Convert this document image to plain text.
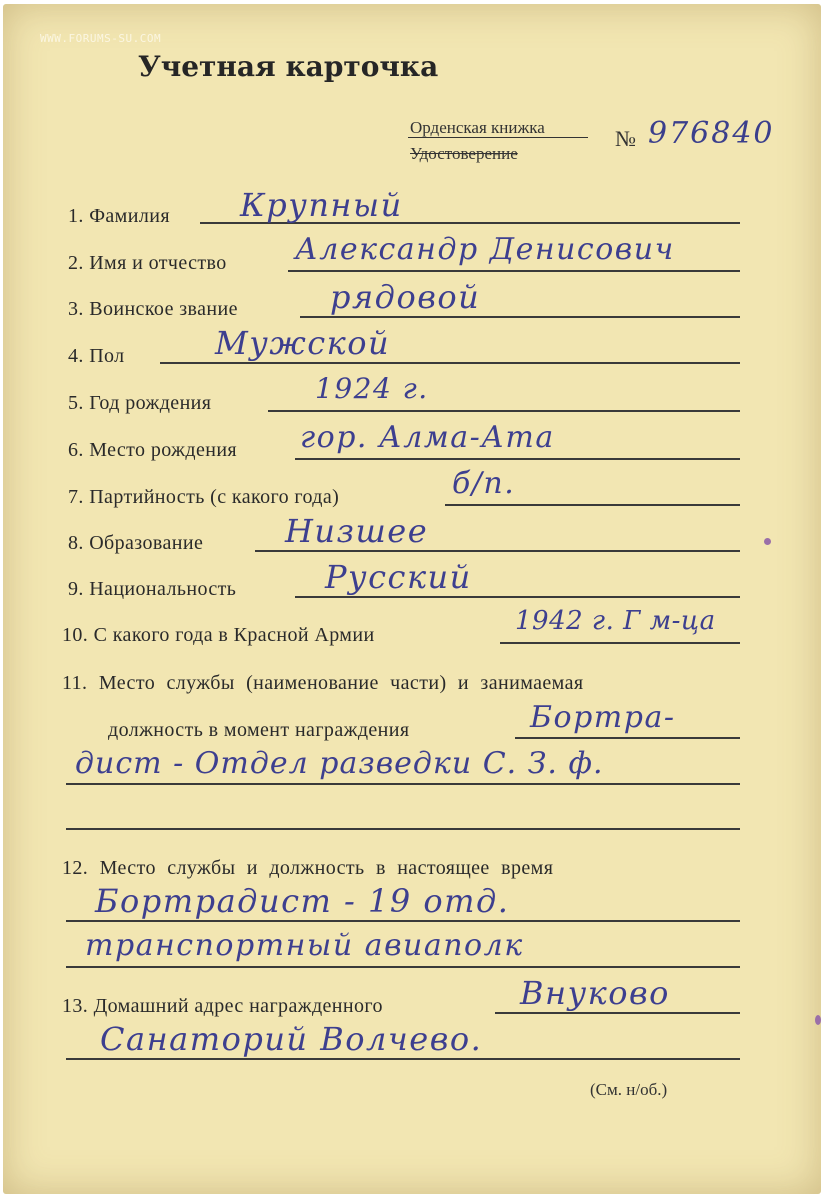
WWW.FORUMS-SU.COM
Учетная карточка
Орденская книжка
Удостоверение
№ 976840
1. Фамилия Крупный
2. Имя и отчество Александр Денисович
3. Воинское звание	рядовой
4. Пол	Мужской
5. Год рождения	1924 г.
6. Место рождения гор. Алма-Ата
7. Партийность (с какого года)	б/п.
8. Образование	Низшее
9. Национальность	Русский
10. С какого года в Красной Армии	1942 г. Г м-ца
11. Место службы (наименование части) и занимаемая
должность в момент награждения	Бортра-
дист - Отдел разведки С. З. ф.
12. Место службы и должность в настоящее время
Бортрадист - 19 отд.
транспортный авиаполк
13. Домашний адрес награжденного	Внуково
Санаторий Волчево.
(См. н/об.)
